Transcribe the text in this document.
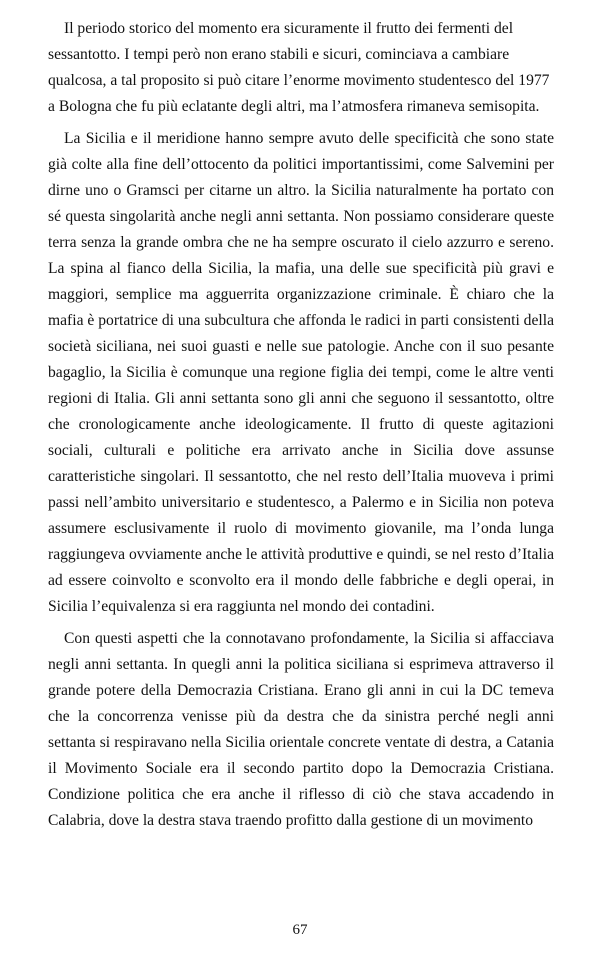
Il periodo storico del momento era sicuramente il frutto dei fermenti del sessantotto. I tempi però non erano stabili e sicuri, cominciava a cambiare qualcosa, a tal proposito si può citare l’enorme movimento studentesco del 1977 a Bologna che fu più eclatante degli altri, ma l’atmosfera rimaneva semisopita.

La Sicilia e il meridione hanno sempre avuto delle specificità che sono state già colte alla fine dell’ottocento da politici importantissimi, come Salvemini per dirne uno o Gramsci per citarne un altro. la Sicilia naturalmente ha portato con sé questa singolarità anche negli anni settanta. Non possiamo considerare queste terra senza la grande ombra che ne ha sempre oscurato il cielo azzurro e sereno. La spina al fianco della Sicilia, la mafia, una delle sue specificità più gravi e maggiori, semplice ma agguerrita organizzazione criminale. È chiaro che la mafia è portatrice di una subcultura che affonda le radici in parti consistenti della società siciliana, nei suoi guasti e nelle sue patologie. Anche con il suo pesante bagaglio, la Sicilia è comunque una regione figlia dei tempi, come le altre venti regioni di Italia. Gli anni settanta sono gli anni che seguono il sessantotto, oltre che cronologicamente anche ideologicamente. Il frutto di queste agitazioni sociali, culturali e politiche era arrivato anche in Sicilia dove assunse caratteristiche singolari. Il sessantotto, che nel resto dell’Italia muoveva i primi passi nell’ambito universitario e studentesco, a Palermo e in Sicilia non poteva assumere esclusivamente il ruolo di movimento giovanile, ma l’onda lunga raggiungeva ovviamente anche le attività produttive e quindi, se nel resto d’Italia ad essere coinvolto e sconvolto era il mondo delle fabbriche e degli operai, in Sicilia l’equivalenza si era raggiunta nel mondo dei contadini.

Con questi aspetti che la connotavano profondamente, la Sicilia si affacciava negli anni settanta. In quegli anni la politica siciliana si esprimeva attraverso il grande potere della Democrazia Cristiana. Erano gli anni in cui la DC temeva che la concorrenza venisse più da destra che da sinistra perché negli anni settanta si respiravano nella Sicilia orientale concrete ventate di destra, a Catania il Movimento Sociale era il secondo partito dopo la Democrazia Cristiana. Condizione politica che era anche il riflesso di ciò che stava accadendo in Calabria, dove la destra stava traendo profitto dalla gestione di un movimento

67
